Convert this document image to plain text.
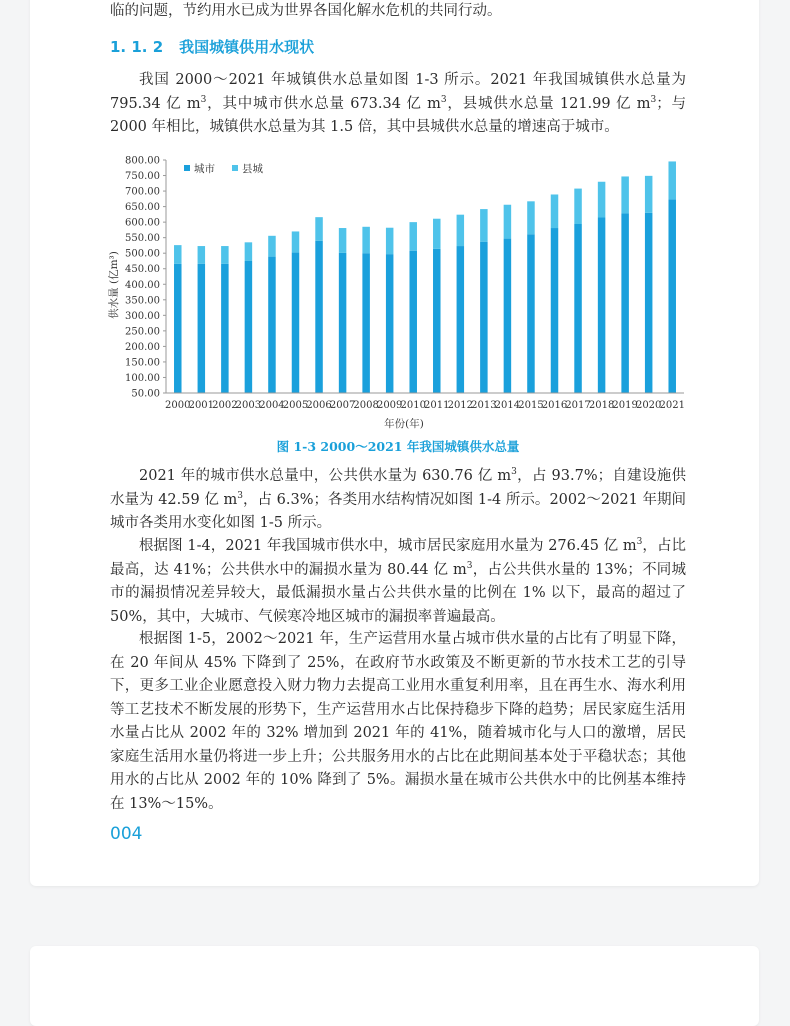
临的问题，节约用水已成为世界各国化解水危机的共同行动。

1. 1. 2 我国城镇供用水现状

我国 2000～2021 年城镇供水总量如图 1-3 所示。2021 年我国城镇供水总量为 795.34 亿 $m^3$，其中城市供水总量 673.34 亿 $m^3$，县城供水总量 121.99 亿 $m^3$；与 2000 年相比，城镇供水总量为其 1.5 倍，其中县城供水总量的增速高于城市。

800.00
750.00
700.00
650.00
600.00
550.00
500.00
450.00
400.00
350.00
300.00
250.00
200.00
150.00
100.00
50.00
2000
2001
2002
2003
2004
2005
2006
2007
2008
2009
2010
2011
2012
2013
2014
2015
2016
2017
2018
2019
2020
2021
城市	县城
年份(年)
供水量 (亿m³)

图 1-3 2000～2021 年我国城镇供水总量

2021 年的城市供水总量中，公共供水量为 630.76 亿 $m^3$，占 93.7%；自建设施供水量为 42.59 亿 $m^3$，占 6.3%；各类用水结构情况如图 1-4 所示。2002～2021 年期间城市各类用水变化如图 1-5 所示。

根据图 1-4，2021 年我国城市供水中，城市居民家庭用水量为 276.45 亿 $m^3$，占比最高，达 41%；公共供水中的漏损水量为 80.44 亿 $m^3$，占公共供水量的 13%；不同城市的漏损情况差异较大，最低漏损水量占公共供水量的比例在 1% 以下，最高的超过了 50%，其中，大城市、气候寒冷地区城市的漏损率普遍最高。

根据图 1-5，2002～2021 年，生产运营用水量占城市供水量的占比有了明显下降，在 20 年间从 45% 下降到了 25%，在政府节水政策及不断更新的节水技术工艺的引导下，更多工业企业愿意投入财力物力去提高工业用水重复利用率，且在再生水、海水利用等工艺技术不断发展的形势下，生产运营用水占比保持稳步下降的趋势；居民家庭生活用水量占比从 2002 年的 32% 增加到 2021 年的 41%，随着城市化与人口的激增，居民家庭生活用水量仍将进一步上升；公共服务用水的占比在此期间基本处于平稳状态；其他用水的占比从 2002 年的 10% 降到了 5%。漏损水量在城市公共供水中的比例基本维持在 13%～15%。

004
